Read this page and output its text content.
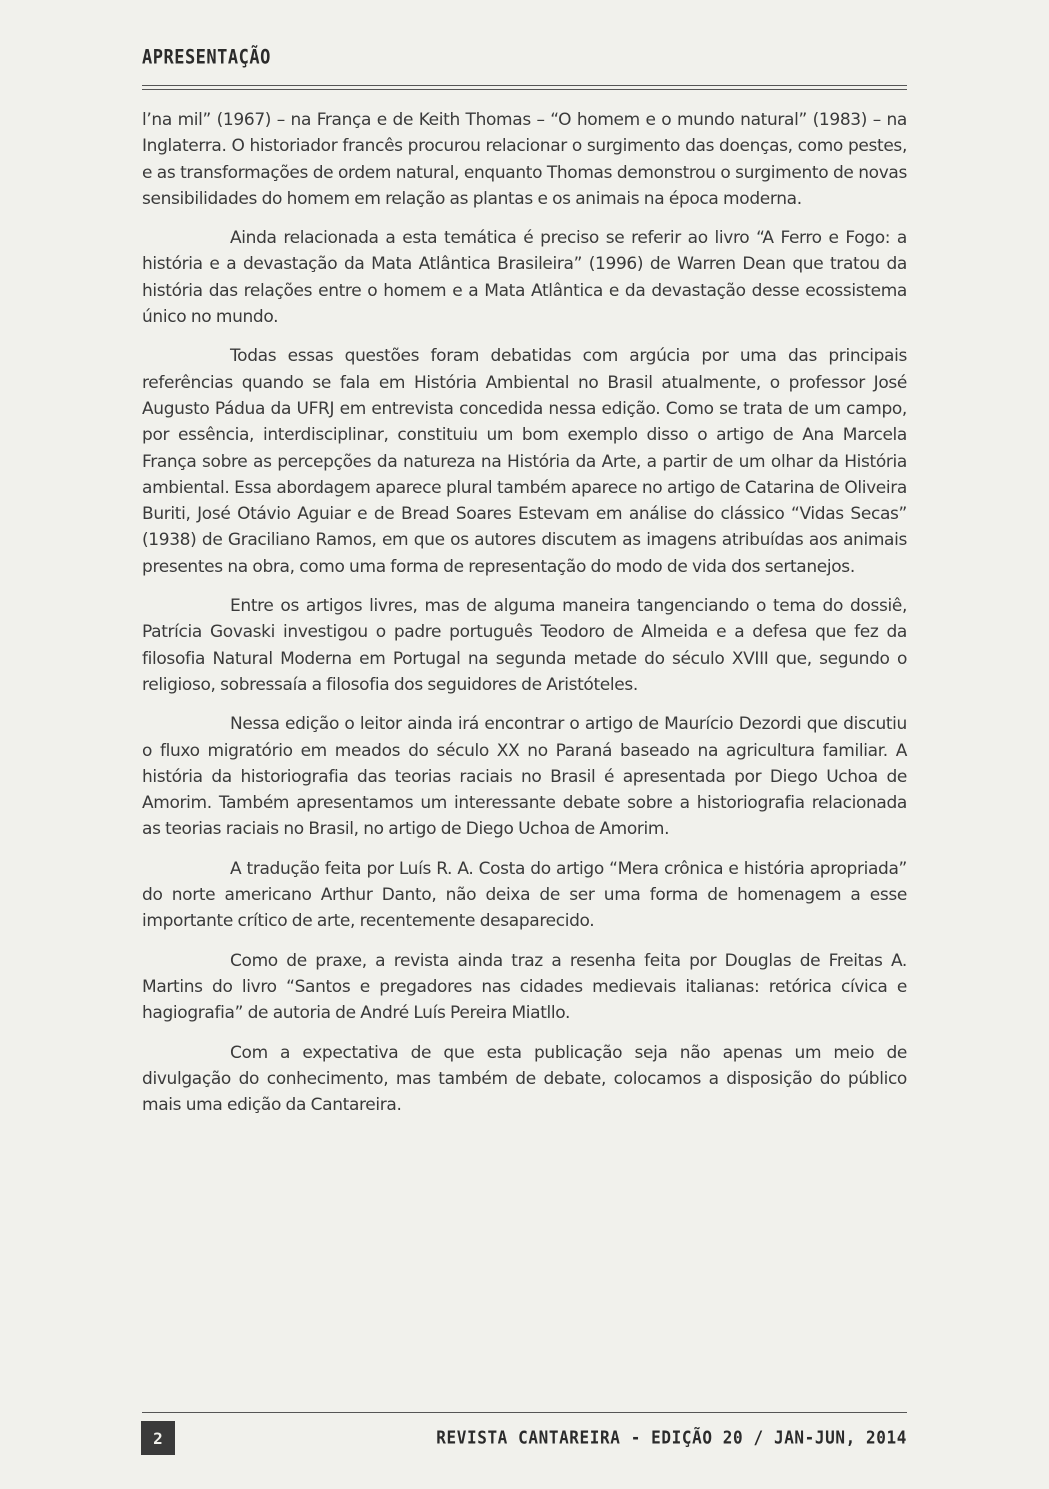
APRESENTAÇÃO

l’na mil” (1967) – na França e de Keith Thomas – “O homem e o mundo natural” (1983) – na Inglaterra. O historiador francês procurou relacionar o surgimento das doenças, como pestes, e as transformações de ordem natural, enquanto Thomas demonstrou o surgimento de novas sensibilidades do homem em relação as plantas e os animais na época moderna.

Ainda relacionada a esta temática é preciso se referir ao livro “A Ferro e Fogo: a história e a devastação da Mata Atlântica Brasileira” (1996) de Warren Dean que tratou da história das relações entre o homem e a Mata Atlântica e da devastação desse ecossistema único no mundo.

Todas essas questões foram debatidas com argúcia por uma das principais referências quando se fala em História Ambiental no Brasil atualmente, o professor José Augusto Pádua da UFRJ em entrevista concedida nessa edição. Como se trata de um campo, por essência, interdisciplinar, constituiu um bom exemplo disso o artigo de Ana Marcela França sobre as percepções da natureza na História da Arte, a partir de um olhar da História ambiental. Essa abordagem aparece plural também aparece no artigo de Catarina de Oliveira Buriti, José Otávio Aguiar e de Bread Soares Estevam em análise do clássico “Vidas Secas” (1938) de Graciliano Ramos, em que os autores discutem as imagens atribuídas aos animais presentes na obra, como uma forma de representação do modo de vida dos sertanejos.

Entre os artigos livres, mas de alguma maneira tangenciando o tema do dossiê, Patrícia Govaski investigou o padre português Teodoro de Almeida e a defesa que fez da filosofia Natural Moderna em Portugal na segunda metade do século XVIII que, segundo o religioso, sobressaía a filosofia dos seguidores de Aristóteles.

Nessa edição o leitor ainda irá encontrar o artigo de Maurício Dezordi que discutiu o fluxo migratório em meados do século XX no Paraná baseado na agricultura familiar. A história da historiografia das teorias raciais no Brasil é apresentada por Diego Uchoa de Amorim. Também apresentamos um interessante debate sobre a historiografia relacionada as teorias raciais no Brasil, no artigo de Diego Uchoa de Amorim.

A tradução feita por Luís R. A. Costa do artigo “Mera crônica e história apropriada” do norte americano Arthur Danto, não deixa de ser uma forma de homenagem a esse importante crítico de arte, recentemente desaparecido.

Como de praxe, a revista ainda traz a resenha feita por Douglas de Freitas A. Martins do livro “Santos e pregadores nas cidades medievais italianas: retórica cívica e hagiografia” de autoria de André Luís Pereira Miatllo.

Com a expectativa de que esta publicação seja não apenas um meio de divulgação do conhecimento, mas também de debate, colocamos a disposição do público mais uma edição da Cantareira.

2	REVISTA CANTAREIRA - EDIÇÃO 20 / JAN-JUN, 2014
